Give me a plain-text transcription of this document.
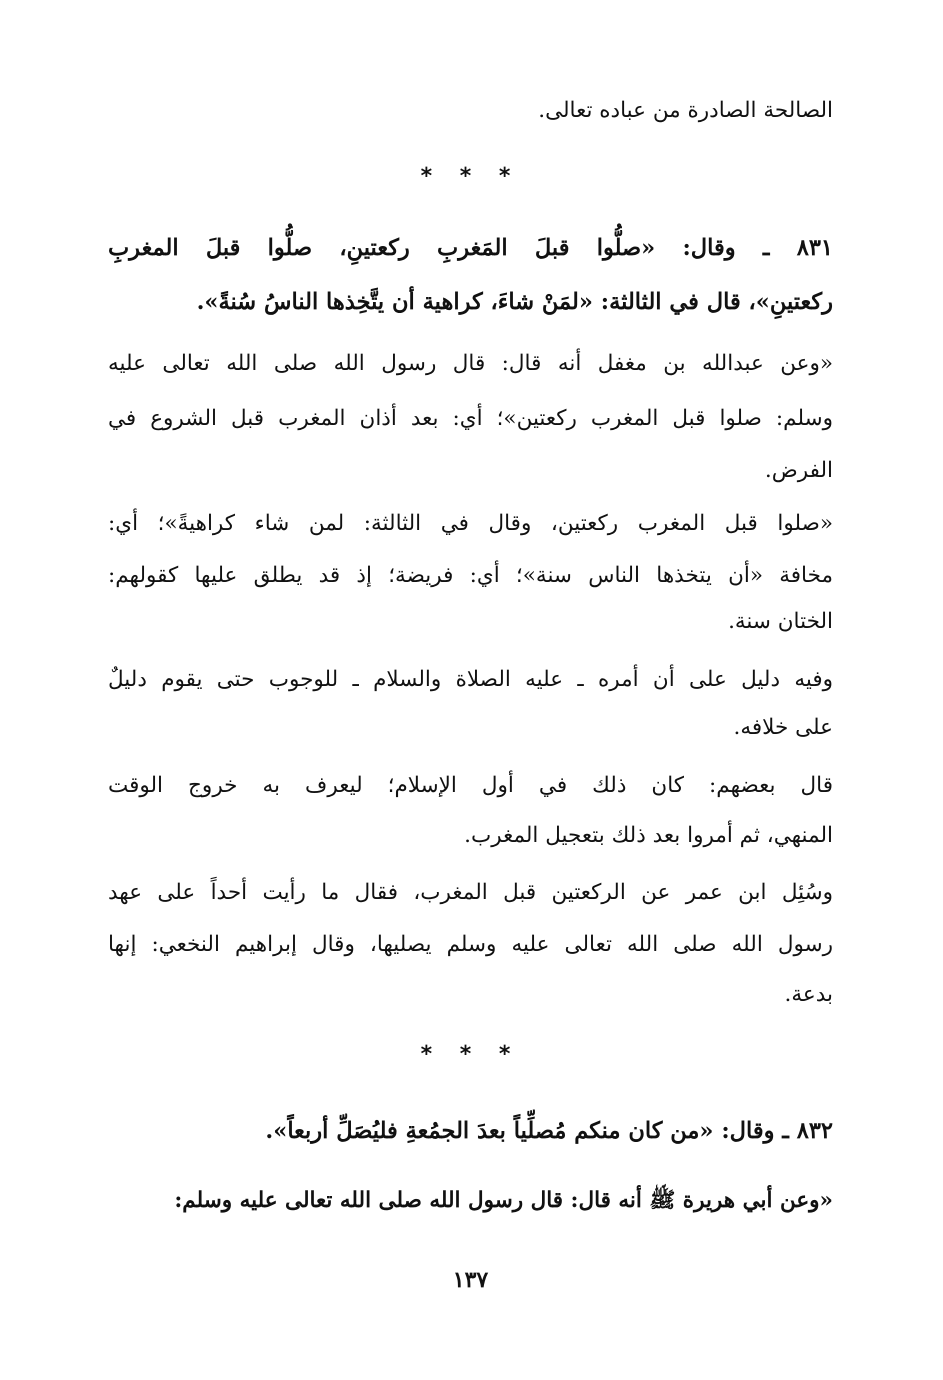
الصالحة الصادرة من عباده تعالى.
* * *
٨٣١ ـ وقال: «صلُّوا قبلَ المَغربِ ركعتينِ، صلُّوا قبلَ المغربِ
ركعتينِ»، قال في الثالثة: «لمَنْ شاءَ، كراهية أن يتَّخِذها الناسُ سُنةً».
«وعن عبدالله بن مغفل أنه قال: قال رسول الله صلى الله تعالى عليه
وسلم: صلوا قبل المغرب ركعتين»؛ أي: بعد أذان المغرب قبل الشروع في
الفرض.
«صلوا قبل المغرب ركعتين، وقال في الثالثة: لمن شاء كراهيةً»؛ أي:
مخافة «أن يتخذها الناس سنة»؛ أي: فريضة؛ إذ قد يطلق عليها كقولهم:
الختان سنة.
وفيه دليل على أن أمره ـ عليه الصلاة والسلام ـ للوجوب حتى يقوم دليلٌ
على خلافه.
قال بعضهم: كان ذلك في أول الإسلام؛ ليعرف به خروج الوقت
المنهي، ثم أمروا بعد ذلك بتعجيل المغرب.
وسُئِل ابن عمر عن الركعتين قبل المغرب، فقال ما رأيت أحداً على عهد
رسول الله صلى الله تعالى عليه وسلم يصليها، وقال إبراهيم النخعي: إنها
بدعة.
* * *
٨٣٢ ـ وقال: «من كان منكم مُصلِّياً بعدَ الجمُعةِ فليُصَلِّ أربعاً».
«وعن أبي هريرة ﷺ أنه قال: قال رسول الله صلى الله تعالى عليه وسلم:
١٣٧
